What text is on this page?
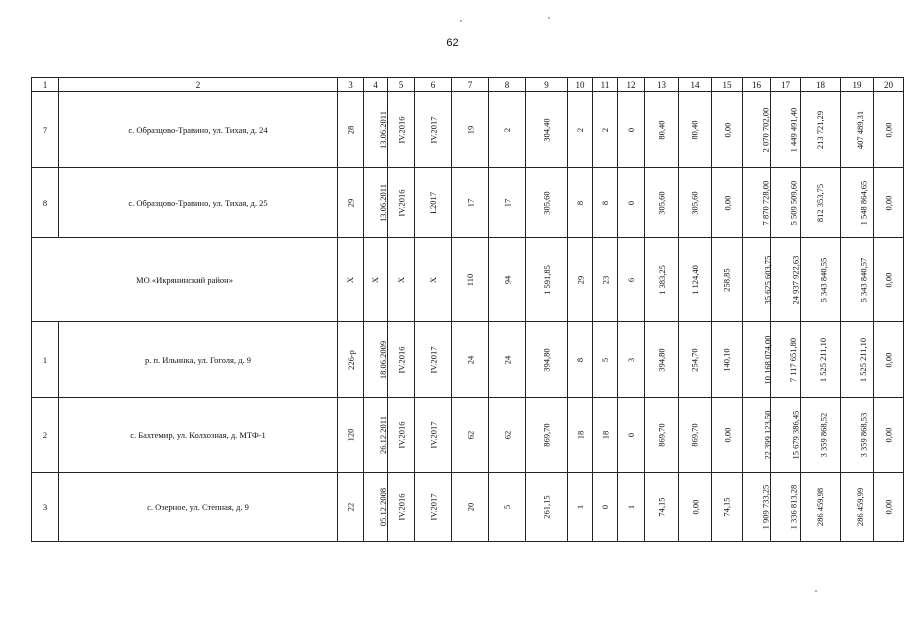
62
1	2	3	4	5	6	7	8	9	10	11	12	13	14	15	16	17	18	19	20
7	с. Образцово-Травино, ул. Тихая, д. 24	28	13.06.2011	IV.2016	IV.2017	19	2	304,40	2	2	0	80,40	80,40	0,00	2 070 702,00	1 449 491,40	213 721,29	407 489,31	0,00
8	с. Образцово-Травино, ул. Тихая, д. 25	29	13.06.2011	IV.2016	I.2017	17	17	305,60	8	8	0	305,60	305,60	0,00	7 870 728,00	5 509 509,60	812 353,75	1 548 864,65	0,00
МО «Икрянинский район»		X	X	X	X	110	94	1 591,85	29	23	6	1 383,25	1 124,40	258,85	35 625 603,75	24 937 922,63	5 343 840,55	5 343 840,57	0,00
1	р. п. Ильинка, ул. Гоголя, д. 9	226-р	18.06.2009	IV.2016	IV.2017	24	24	394,80	8	5	3	394,80	254,70	140,10	10 168 074,00	7 117 651,80	1 525 211,10	1 525 211,10	0,00
2	с. Бахтемир, ул. Колхозная, д. МТФ-1	120	26.12.2011	IV.2016	IV.2017	62	62	869,70	18	18	0	869,70	869,70	0,00	22 399 123,50	15 679 386,45	3 359 868,52	3 359 868,53	0,00
3	с. Озерное, ул. Степная, д. 9	22	05.12.2008	IV.2016	IV.2017	20	5	261,15	1	0	1	74,15	0,00	74,15	1 909 733,25	1 336 813,28	286 459,98	286 459,99	0,00
